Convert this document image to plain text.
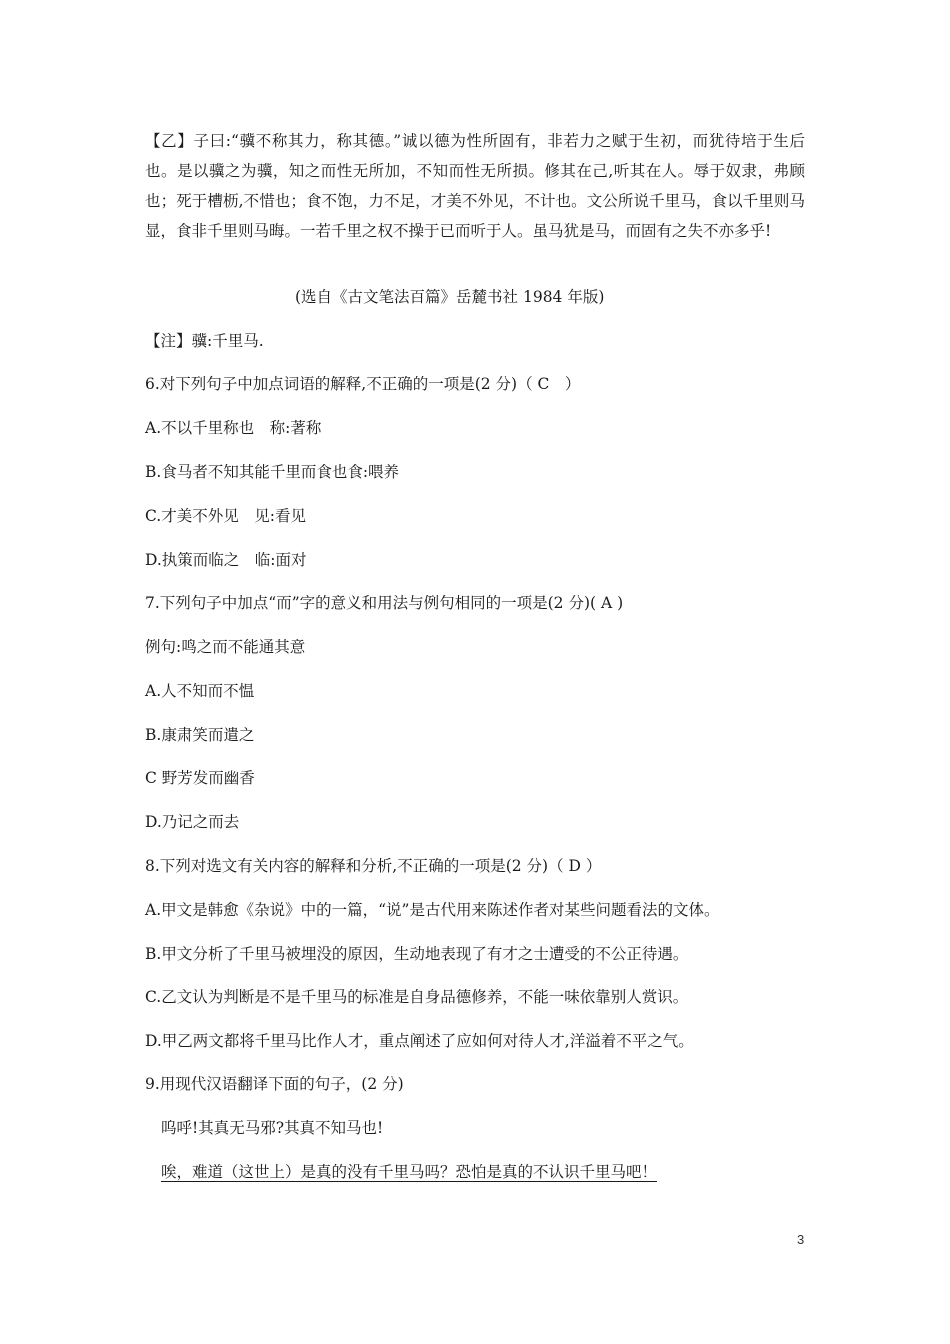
【乙】子曰:“骥不称其力，称其德。”诚以德为性所固有，非若力之赋于生初，而犹待培于生后也。是以骥之为骥，知之而性无所加，不知而性无所损。修其在己,听其在人。辱于奴隶，弗顾也；死于槽枥,不惜也；食不饱，力不足，才美不外见，不计也。文公所说千里马，食以千里则马显，食非千里则马晦。一若千里之权不操于已而听于人。虽马犹是马，而固有之失不亦多乎!

(选自《古文笔法百篇》岳麓书社 1984 年版)

【注】骥:千里马.

6.对下列句子中加点词语的解释,不正确的一项是(2 分)（ C　）

A.不以千里称也　称:著称

B.食马者不知其能千里而食也食:喂养

C.才美不外见　见:看见

D.执策而临之　临:面对

7.下列句子中加点“而”字的意义和用法与例句相同的一项是(2 分)( A )

例句:鸣之而不能通其意

A.人不知而不愠

B.康肃笑而遣之

C 野芳发而幽香

D.乃记之而去

8.下列对选文有关内容的解释和分析,不正确的一项是(2 分)（ D ）

A.甲文是韩愈《杂说》中的一篇，“说”是古代用来陈述作者对某些问题看法的文体。

B.甲文分析了千里马被埋没的原因，生动地表现了有才之士遭受的不公正待遇。

C.乙文认为判断是不是千里马的标准是自身品德修养，不能一味依靠别人赏识。

D.甲乙两文都将千里马比作人才，重点阐述了应如何对待人才,洋溢着不平之气。

9.用现代汉语翻译下面的句子，(2 分)

呜呼!其真无马邪?其真不知马也!

唉，难道（这世上）是真的没有千里马吗？恐怕是真的不认识千里马吧！

3
